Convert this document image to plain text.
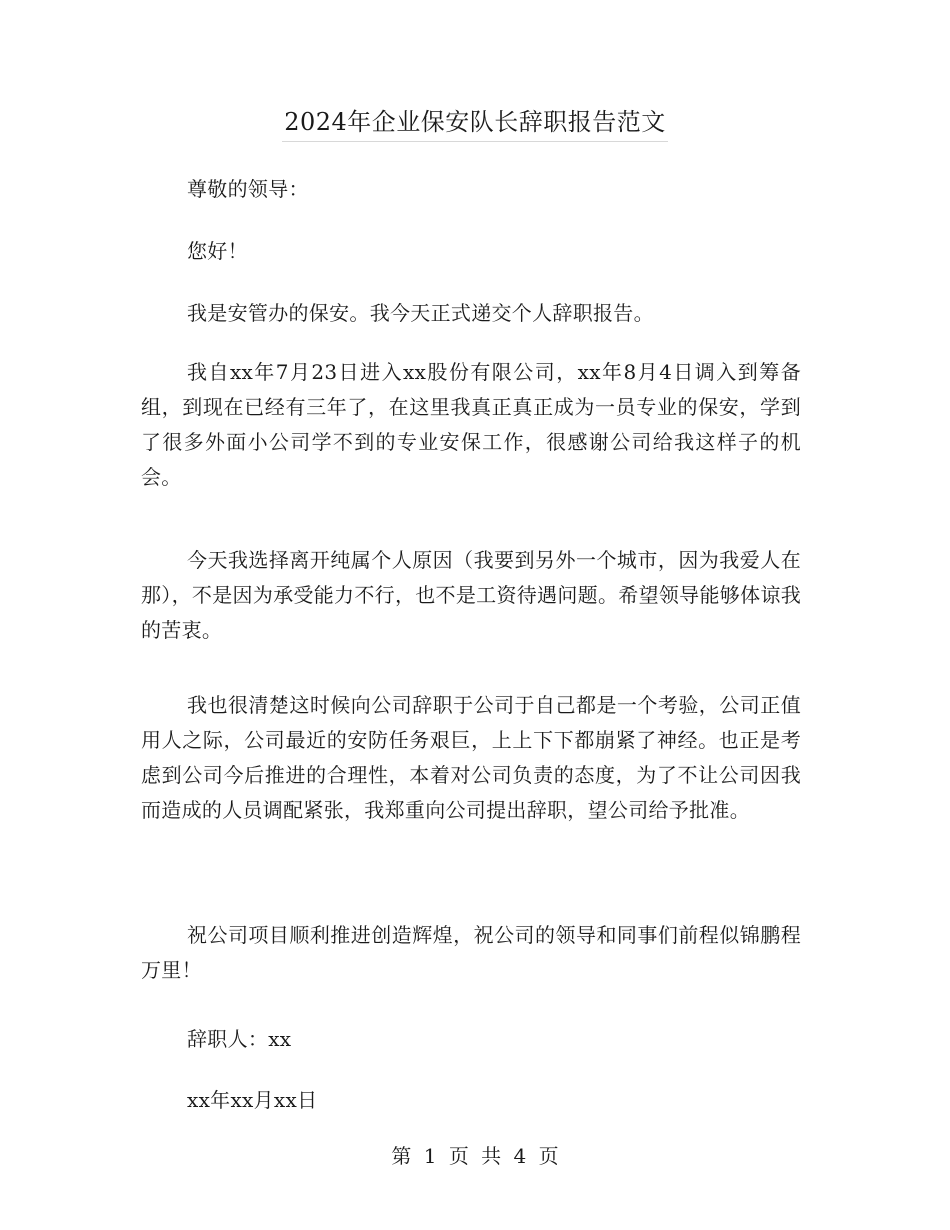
2024年企业保安队长辞职报告范文

尊敬的领导：

您好！

我是安管办的保安。我今天正式递交个人辞职报告。

我自xx年7月23日进入xx股份有限公司，xx年8月4日调入到筹备组，到现在已经有三年了，在这里我真正真正成为一员专业的保安，学到了很多外面小公司学不到的专业安保工作，很感谢公司给我这样子的机会。

今天我选择离开纯属个人原因（我要到另外一个城市，因为我爱人在那），不是因为承受能力不行，也不是工资待遇问题。希望领导能够体谅我的苦衷。

我也很清楚这时候向公司辞职于公司于自己都是一个考验，公司正值用人之际，公司最近的安防任务艰巨，上上下下都崩紧了神经。也正是考虑到公司今后推进的合理性，本着对公司负责的态度，为了不让公司因我而造成的人员调配紧张，我郑重向公司提出辞职，望公司给予批准。

祝公司项目顺利推进创造辉煌，祝公司的领导和同事们前程似锦鹏程万里！

辞职人：xx

xx年xx月xx日

第 1 页 共 4 页
